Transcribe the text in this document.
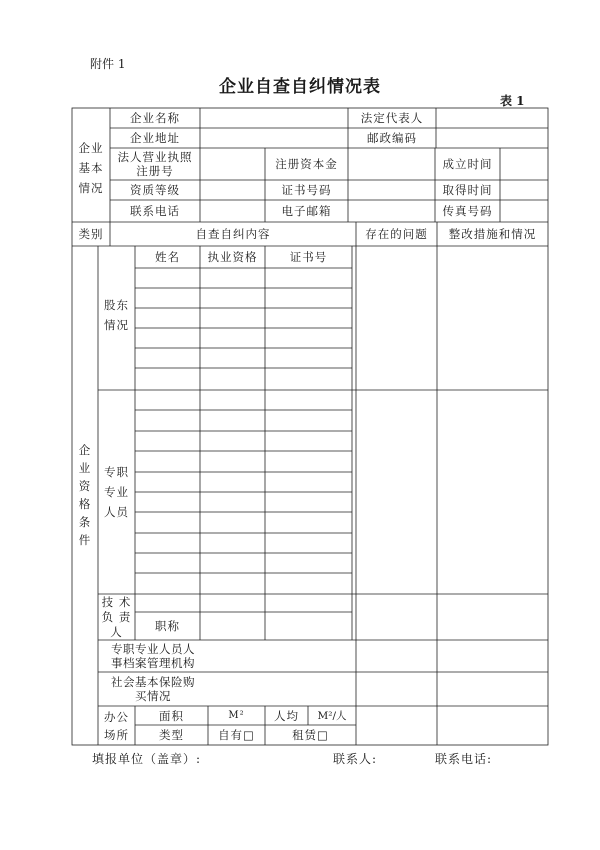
附件 1
企业自查自纠情况表
表 1
企业
基本
情况
企业名称	法定代表人
企业地址	邮政编码
法人营业执照
注册号	注册资本金	成立时间
资质等级	证书号码	取得时间
联系电话	电子邮箱	传真号码
类别	自查自纠内容	存在的问题	整改措施和情况
企
业
资
格
条
件
股东
情况
姓名	执业资格	证书号
专职
专业
人员
技 术
负 责
人	职称
专职专业人员人
事档案管理机构
社会基本保险购
买情况
办公
场所
面积	M²	人均	M²/人
类型	自有□	租赁□
填报单位（盖章）:	联系人:	联系电话:
